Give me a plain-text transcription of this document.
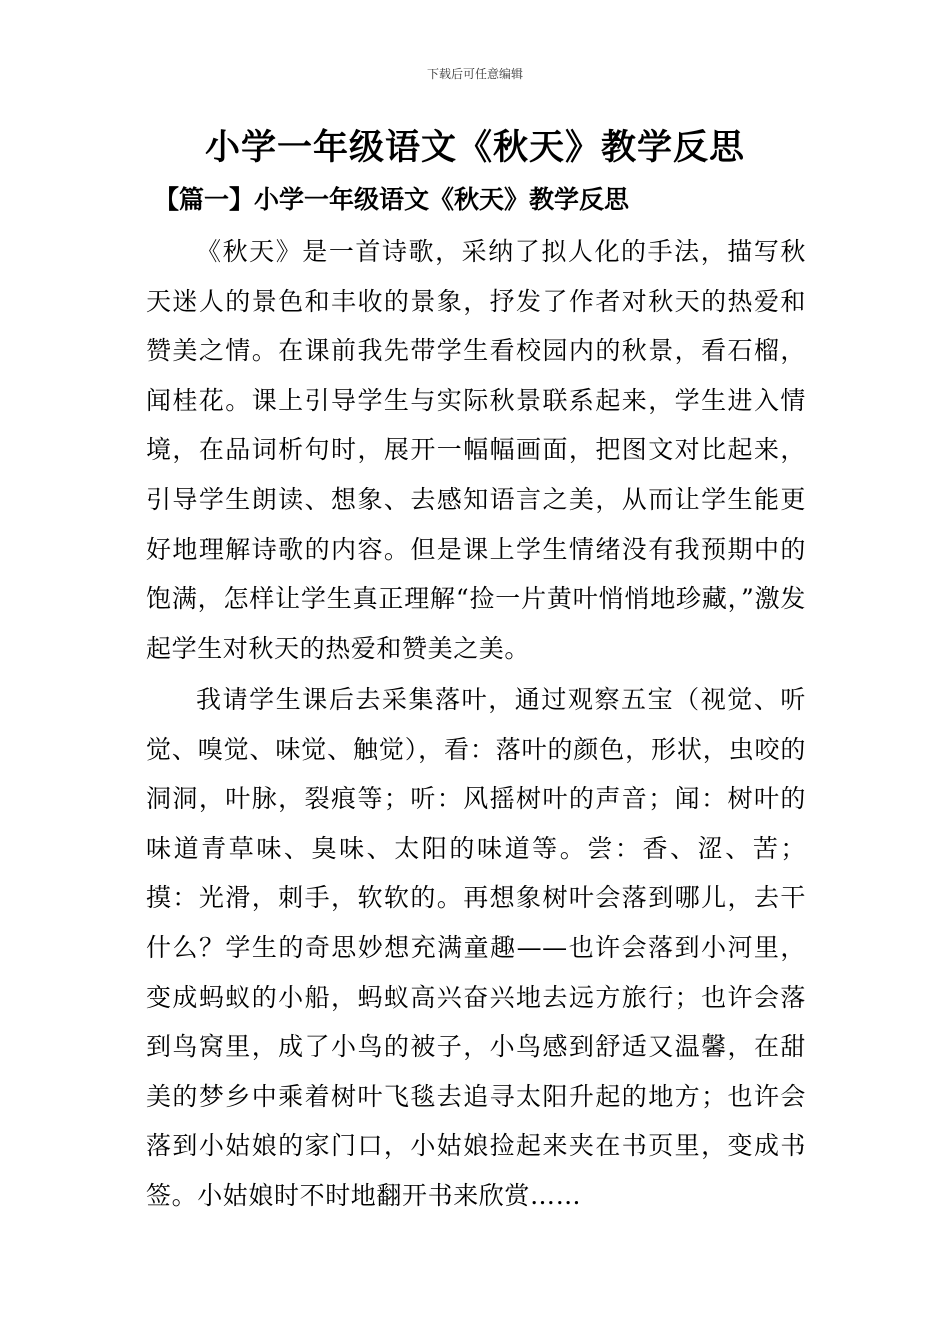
下载后可任意编辑
小学一年级语文《秋天》教学反思
【篇一】小学一年级语文《秋天》教学反思

《秋天》是一首诗歌，采纳了拟人化的手法，描写秋天迷人的景色和丰收的景象，抒发了作者对秋天的热爱和赞美之情。在课前我先带学生看校园内的秋景，看石榴，闻桂花。课上引导学生与实际秋景联系起来，学生进入情境，在品词析句时，展开一幅幅画面，把图文对比起来，引导学生朗读、想象、去感知语言之美，从而让学生能更好地理解诗歌的内容。但是课上学生情绪没有我预期中的饱满，怎样让学生真正理解“捡一片黄叶悄悄地珍藏，”激发起学生对秋天的热爱和赞美之美。

我请学生课后去采集落叶，通过观察五宝（视觉、听觉、嗅觉、味觉、触觉），看：落叶的颜色，形状，虫咬的洞洞，叶脉，裂痕等；听：风摇树叶的声音；闻：树叶的味道青草味、臭味、太阳的味道等。尝：香、涩、苦；摸：光滑，刺手，软软的。再想象树叶会落到哪儿，去干什么？学生的奇思妙想充满童趣——也许会落到小河里，变成蚂蚁的小船，蚂蚁高兴奋兴地去远方旅行；也许会落到鸟窝里，成了小鸟的被子，小鸟感到舒适又温馨，在甜美的梦乡中乘着树叶飞毯去追寻太阳升起的地方；也许会落到小姑娘的家门口，小姑娘捡起来夹在书页里，变成书签。小姑娘时不时地翻开书来欣赏……
